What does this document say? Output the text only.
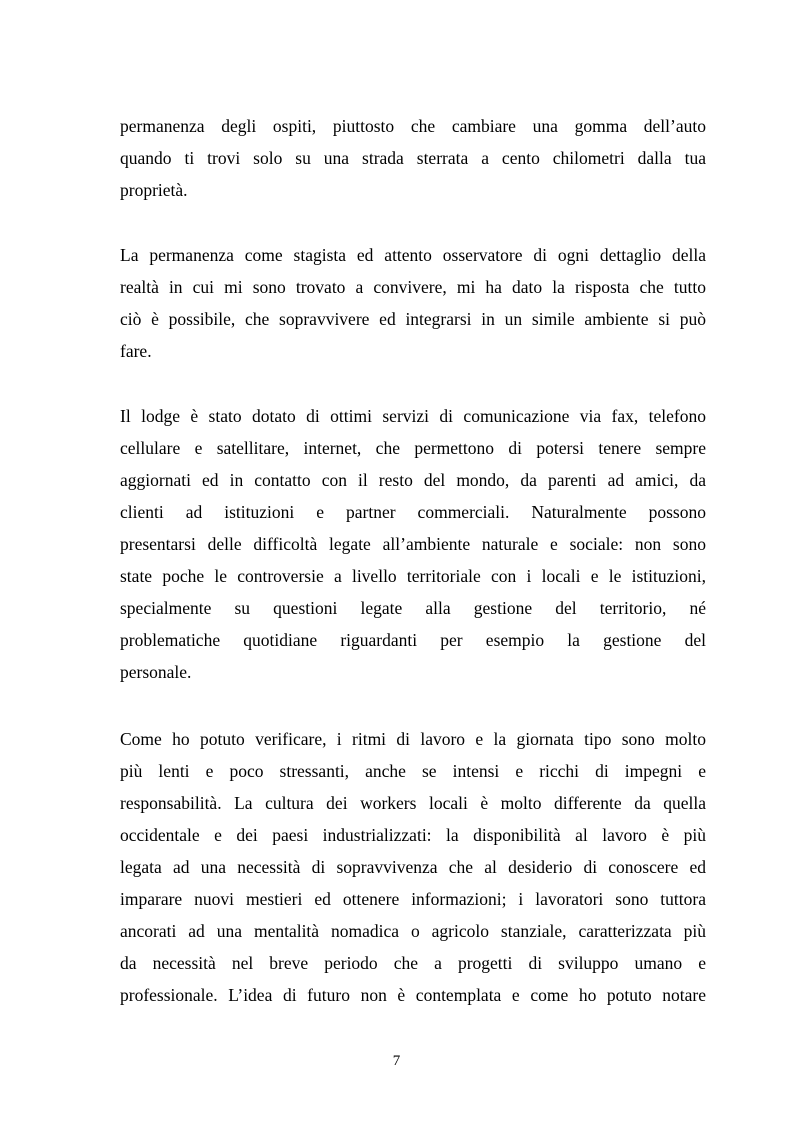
permanenza degli ospiti, piuttosto che cambiare una gomma dell’auto
quando ti trovi solo su una strada sterrata a cento chilometri dalla tua
proprietà.
La permanenza come stagista ed attento osservatore di ogni dettaglio della
realtà in cui mi sono trovato a convivere, mi ha dato la risposta che tutto
ciò è possibile, che sopravvivere ed integrarsi in un simile ambiente si può
fare.
Il lodge è stato dotato di ottimi servizi di comunicazione via fax, telefono
cellulare e satellitare, internet, che permettono di potersi tenere sempre
aggiornati ed in contatto con il resto del mondo, da parenti ad amici, da
clienti ad istituzioni e partner commerciali. Naturalmente possono
presentarsi delle difficoltà legate all’ambiente naturale e sociale: non sono
state poche le controversie a livello territoriale con i locali e le istituzioni,
specialmente su questioni legate alla gestione del territorio, né
problematiche quotidiane riguardanti per esempio la gestione del
personale.
Come ho potuto verificare, i ritmi di lavoro e la giornata tipo sono molto
più lenti e poco stressanti, anche se intensi e ricchi di impegni e
responsabilità. La cultura dei workers locali è molto differente da quella
occidentale e dei paesi industrializzati: la disponibilità al lavoro è più
legata ad una necessità di sopravvivenza che al desiderio di conoscere ed
imparare nuovi mestieri ed ottenere informazioni; i lavoratori sono tuttora
ancorati ad una mentalità nomadica o agricolo stanziale, caratterizzata più
da necessità nel breve periodo che a progetti di sviluppo umano e
professionale. L’idea di futuro non è contemplata e come ho potuto notare
7
